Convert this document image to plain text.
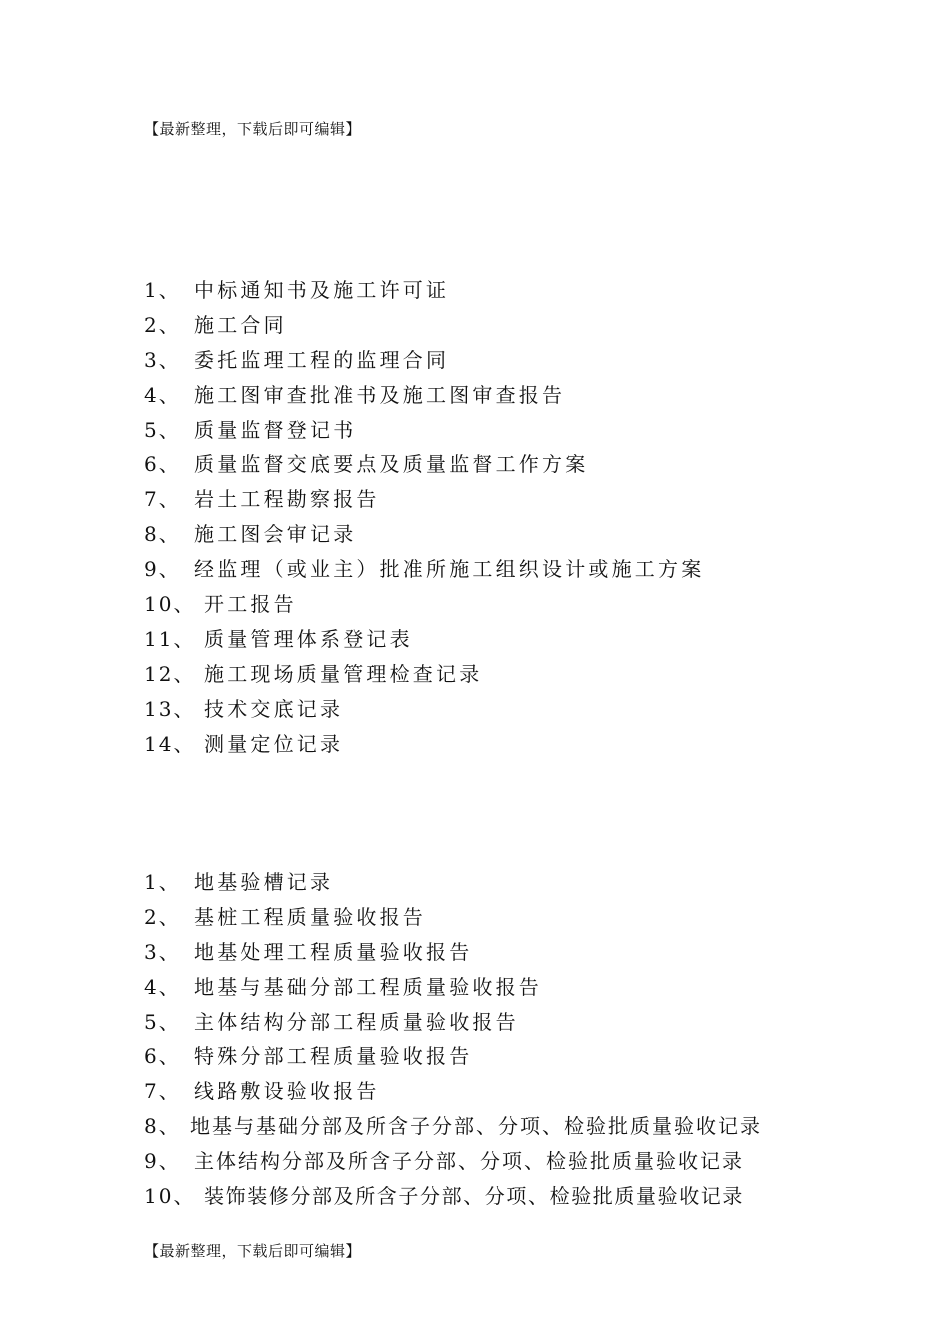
【最新整理，下载后即可编辑】
1、 中标通知书及施工许可证
2、 施工合同
3、 委托监理工程的监理合同
4、 施工图审查批准书及施工图审查报告
5、 质量监督登记书
6、 质量监督交底要点及质量监督工作方案
7、 岩土工程勘察报告
8、 施工图会审记录
9、 经监理（或业主）批准所施工组织设计或施工方案
10、 开工报告
11、 质量管理体系登记表
12、 施工现场质量管理检查记录
13、 技术交底记录
14、 测量定位记录
1、 地基验槽记录
2、 基桩工程质量验收报告
3、 地基处理工程质量验收报告
4、 地基与基础分部工程质量验收报告
5、 主体结构分部工程质量验收报告
6、 特殊分部工程质量验收报告
7、 线路敷设验收报告
8、 地基与基础分部及所含子分部、分项、检验批质量验收记录
9、 主体结构分部及所含子分部、分项、检验批质量验收记录
10、 装饰装修分部及所含子分部、分项、检验批质量验收记录
【最新整理，下载后即可编辑】
